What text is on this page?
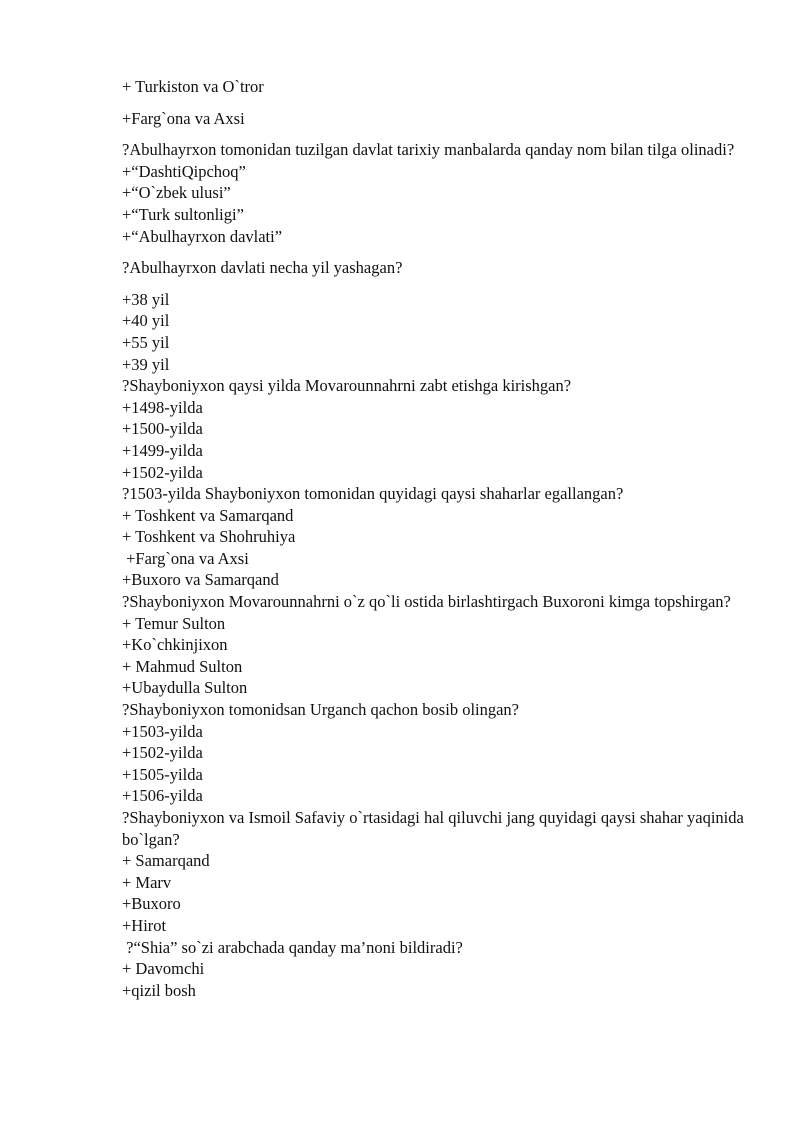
+ Turkiston va O`tror
+Farg`ona va Axsi
?Abulhayrxon tomonidan tuzilgan davlat tarixiy manbalarda qanday nom bilan tilga olinadi?
+“DashtiQipchoq”
+“O`zbek ulusi”
+“Turk sultonligi”
+“Abulhayrxon davlati”
?Abulhayrxon davlati necha yil yashagan?
+38 yil
+40 yil
+55 yil
+39 yil
?Shayboniyxon qaysi yilda Movarounnahrni zabt etishga kirishgan?
+1498-yilda
+1500-yilda
+1499-yilda
+1502-yilda
?1503-yilda Shayboniyxon tomonidan quyidagi qaysi shaharlar egallangan?
+ Toshkent va Samarqand
+ Toshkent va Shohruhiya
+Farg`ona va Axsi
+Buxoro va Samarqand
?Shayboniyxon Movarounnahrni o`z qo`li ostida birlashtirgach Buxoroni kimga topshirgan?
+ Temur Sulton
+Ko`chkinjixon
+ Mahmud Sulton
+Ubaydulla Sulton
?Shayboniyxon tomonidsan Urganch qachon bosib olingan?
+1503-yilda
+1502-yilda
+1505-yilda
+1506-yilda
?Shayboniyxon va Ismoil Safaviy o`rtasidagi hal qiluvchi jang quyidagi qaysi shahar yaqinida bo`lgan?
+ Samarqand
+ Marv
+Buxoro
+Hirot
?“Shia” so`zi arabchada qanday ma’noni bildiradi?
+ Davomchi
+qizil bosh
